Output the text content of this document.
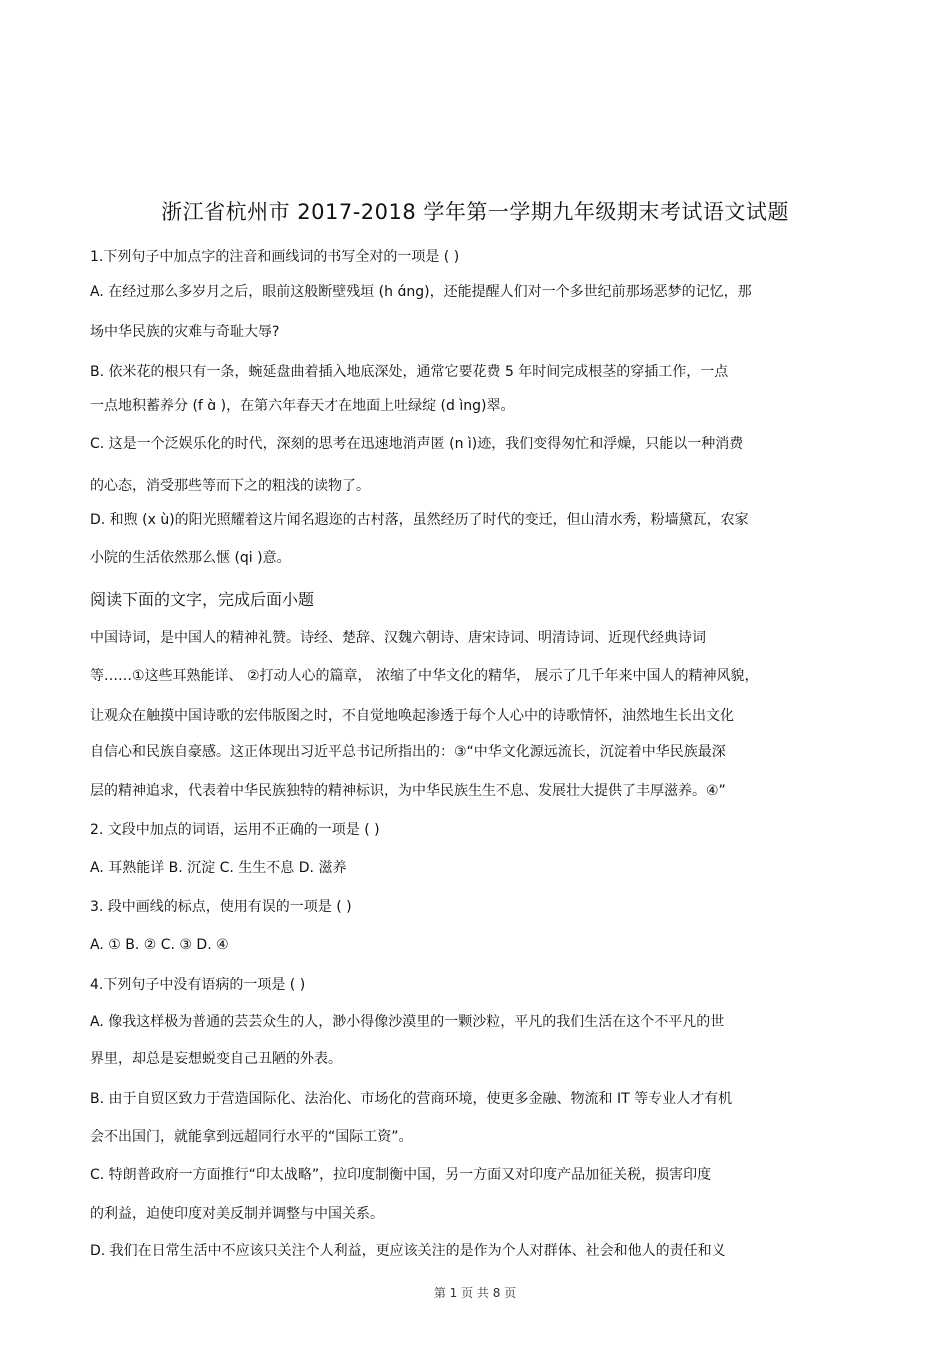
浙江省杭州市 2017-2018 学年第一学期九年级期末考试语文试题
1.下列句子中加点字的注音和画线词的书写全对的一项是 ( )
A. 在经过那么多岁月之后，眼前这般断壁残垣 (h ɑ́ng)，还能提醒人们对一个多世纪前那场恶梦的记忆，那
场中华民族的灾难与奇耻大辱?
B. 依米花的根只有一条，蜿延盘曲着插入地底深处，通常它要花费 5 年时间完成根茎的穿插工作，一点
一点地积蓄养分 (f ɑ̀ )，在第六年春天才在地面上吐绿绽 (d ìng)翠。
C. 这是一个泛娱乐化的时代，深刻的思考在迅速地消声匿 (n ì)迹，我们变得匆忙和浮燥，只能以一种消费
的心态，消受那些等而下之的粗浅的读物了。
D. 和煦 (x ù)的阳光照耀着这片闻名遐迩的古村落，虽然经历了时代的变迁，但山清水秀，粉墙黛瓦，农家
小院的生活依然那么惬 (qi )意。
阅读下面的文字，完成后面小题
中国诗词，是中国人的精神礼赞。诗经、楚辞、汉魏六朝诗、唐宋诗词、明清诗词、近现代经典诗词
等……①这些耳熟能详、 ②打动人心的篇章， 浓缩了中华文化的精华， 展示了几千年来中国人的精神风貌，
让观众在触摸中国诗歌的宏伟版图之时，不自觉地唤起渗透于每个人心中的诗歌情怀，油然地生长出文化
自信心和民族自豪感。这正体现出习近平总书记所指出的：③“中华文化源远流长，沉淀着中华民族最深
层的精神追求，代表着中华民族独特的精神标识，为中华民族生生不息、发展壮大提供了丰厚滋养。④”
2. 文段中加点的词语，运用不正确的一项是 ( )
A. 耳熟能详 B. 沉淀 C. 生生不息 D. 滋养
3. 段中画线的标点，使用有误的一项是 ( )
A. ① B. ② C. ③ D. ④
4.下列句子中没有语病的一项是 ( )
A. 像我这样极为普通的芸芸众生的人，渺小得像沙漠里的一颗沙粒，平凡的我们生活在这个不平凡的世
界里，却总是妄想蜕变自己丑陋的外表。
B. 由于自贸区致力于营造国际化、法治化、市场化的营商环境，使更多金融、物流和 IT 等专业人才有机
会不出国门，就能拿到远超同行水平的“国际工资”。
C. 特朗普政府一方面推行“印太战略”，拉印度制衡中国，另一方面又对印度产品加征关税，损害印度
的利益，迫使印度对美反制并调整与中国关系。
D. 我们在日常生活中不应该只关注个人利益，更应该关注的是作为个人对群体、社会和他人的责任和义
第 1 页 共 8 页
